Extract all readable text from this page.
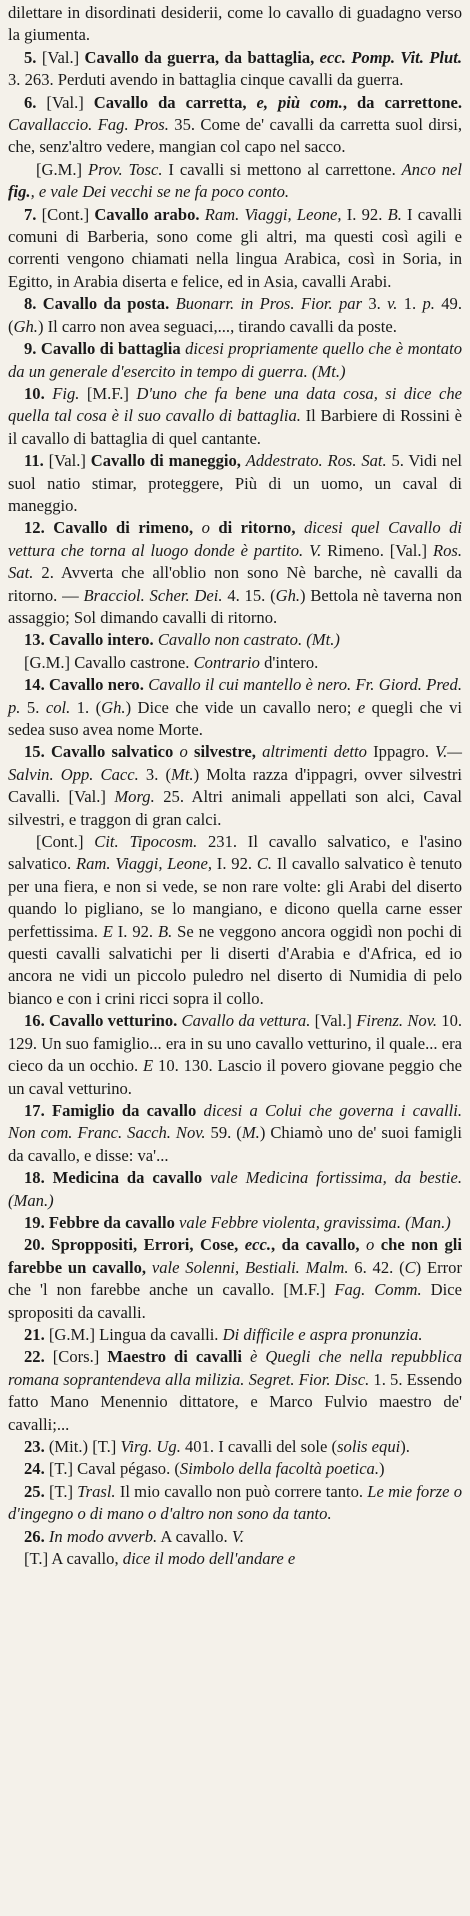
dilettare in disordinati desiderii, come lo cavallo di guadagno verso la giumenta.

5. [Val.] Cavallo da guerra, da battaglia, ecc. Pomp. Vit. Plut. 3. 263. Perduti avendo in battaglia cinque cavalli da guerra.

6. [Val.] Cavallo da carretta, e, più com., da carrettone. Cavallaccio. Fag. Pros. 35. Come de' cavalli da carretta suol dirsi, che, senz'altro vedere, mangian col capo nel sacco.

[G.M.] Prov. Tosc. I cavalli si mettono al carrettone. Anco nel fig., e vale Dei vecchi se ne fa poco conto.

7. [Cont.] Cavallo arabo. Ram. Viaggi, Leone, I. 92. B. I cavalli comuni di Barberia, sono come gli altri, ma questi così agili e correnti vengono chiamati nella lingua Arabica, così in Soria, in Egitto, in Arabia diserta e felice, ed in Asia, cavalli Arabi.

8. Cavallo da posta. Buonarr. in Pros. Fior. par 3. v. 1. p. 49. (Gh.) Il carro non avea seguaci,..., tirando cavalli da poste.

9. Cavallo di battaglia dicesi propriamente quello che è montato da un generale d'esercito in tempo di guerra. (Mt.)

10. Fig. [M.F.] D'uno che fa bene una data cosa, si dice che quella tal cosa è il suo cavallo di battaglia. Il Barbiere di Rossini è il cavallo di battaglia di quel cantante.

11. [Val.] Cavallo di maneggio, Addestrato. Ros. Sat. 5. Vidi nel suol natio stimar, proteggere, Più di un uomo, un caval di maneggio.

12. Cavallo di rimeno, o di ritorno, dicesi quel Cavallo di vettura che torna al luogo donde è partito. V. Rimeno. [Val.] Ros. Sat. 2. Avverta che all'oblio non sono Nè barche, nè cavalli da ritorno. — Bracciol. Scher. Dei. 4. 15. (Gh.) Bettola nè taverna non assaggio; Sol dimando cavalli di ritorno.

13. Cavallo intero. Cavallo non castrato. (Mt.)

[G.M.] Cavallo castrone. Contrario d'intero.

14. Cavallo nero. Cavallo il cui mantello è nero. Fr. Giord. Pred. p. 5. col. 1. (Gh.) Dice che vide un cavallo nero; e quegli che vi sedea suso avea nome Morte.

15. Cavallo salvatico o silvestre, altrimenti detto Ippagro. V.— Salvin. Opp. Cacc. 3. (Mt.) Molta razza d'ippagri, ovver silvestri Cavalli. [Val.] Morg. 25. Altri animali appellati son alci, Caval silvestri, e traggon di gran calci.

[Cont.] Cit. Tipocosm. 231. Il cavallo salvatico, e l'asino salvatico. Ram. Viaggi, Leone, I. 92. C. Il cavallo salvatico è tenuto per una fiera, e non si vede, se non rare volte: gli Arabi del diserto quando lo pigliano, se lo mangiano, e dicono quella carne esser perfettissima. E I. 92. B. Se ne veggono ancora oggidì non pochi di questi cavalli salvatichi per li diserti d'Arabia e d'Africa, ed io ancora ne vidi un piccolo puledro nel diserto di Numidia di pelo bianco e con i crini ricci sopra il collo.

16. Cavallo vetturino. Cavallo da vettura. [Val.] Firenz. Nov. 10. 129. Un suo famiglio... era in su uno cavallo vetturino, il quale... era cieco da un occhio. E 10. 130. Lascio il povero giovane peggio che un caval vetturino.

17. Famiglio da cavallo dicesi a Colui che governa i cavalli. Non com. Franc. Sacch. Nov. 59. (M.) Chiamò uno de' suoi famigli da cavallo, e disse: va'...

18. Medicina da cavallo vale Medicina fortissima, da bestie. (Man.)

19. Febbre da cavallo vale Febbre violenta, gravissima. (Man.)

20. Sproppositi, Errori, Cose, ecc., da cavallo, o che non gli farebbe un cavallo, vale Solenni, Bestiali. Malm. 6. 42. (C) Error che 'l non farebbe anche un cavallo. [M.F.] Fag. Comm. Dice spropositi da cavalli.

21. [G.M.] Lingua da cavalli. Di difficile e aspra pronunzia.

22. [Cors.] Maestro di cavalli è Quegli che nella repubblica romana soprantendeva alla milizia. Segret. Fior. Disc. 1. 5. Essendo fatto Mano Menennio dittatore, e Marco Fulvio maestro de' cavalli;...

23. (Mit.) [T.] Virg. Ug. 401. I cavalli del sole (solis equi).

24. [T.] Caval pégaso. (Simbolo della facoltà poetica.)

25. [T.] Trasl. Il mio cavallo non può correre tanto. Le mie forze o d'ingegno o di mano o d'altro non sono da tanto.

26. In modo avverb. A cavallo. V.

[T.] A cavallo, dice il modo dell'andare e
